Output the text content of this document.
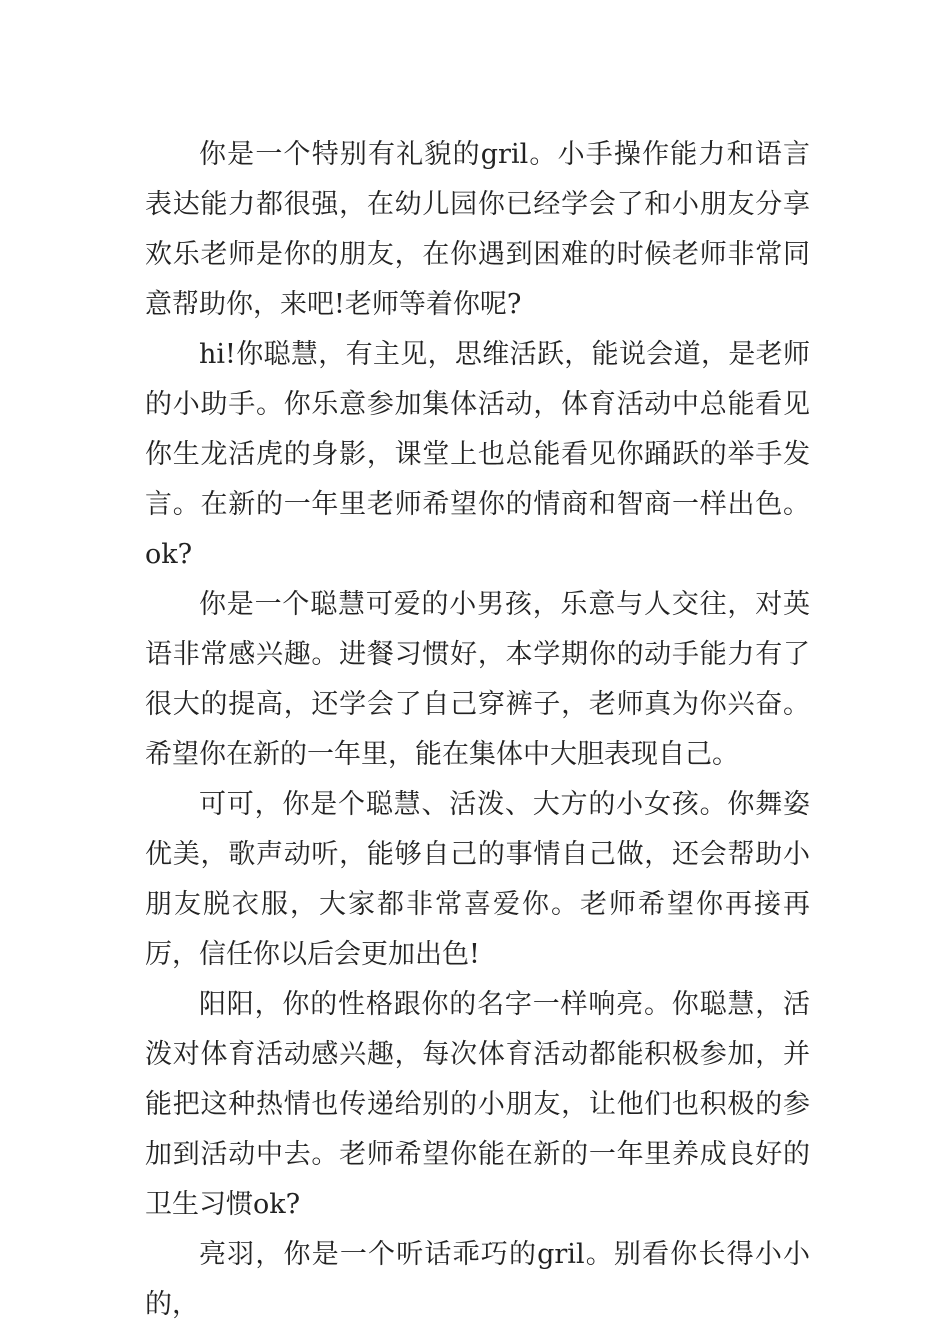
你是一个特别有礼貌的gril。小手操作能力和语言表达能力都很强，在幼儿园你已经学会了和小朋友分享欢乐老师是你的朋友，在你遇到困难的时候老师非常同意帮助你，来吧!老师等着你呢?

hi!你聪慧，有主见，思维活跃，能说会道，是老师的小助手。你乐意参加集体活动，体育活动中总能看见你生龙活虎的身影，课堂上也总能看见你踊跃的举手发言。在新的一年里老师希望你的情商和智商一样出色。ok?

你是一个聪慧可爱的小男孩，乐意与人交往，对英语非常感兴趣。进餐习惯好，本学期你的动手能力有了很大的提高，还学会了自己穿裤子，老师真为你兴奋。希望你在新的一年里，能在集体中大胆表现自己。

可可，你是个聪慧、活泼、大方的小女孩。你舞姿优美，歌声动听，能够自己的事情自己做，还会帮助小朋友脱衣服，大家都非常喜爱你。老师希望你再接再厉，信任你以后会更加出色!

阳阳，你的性格跟你的名字一样响亮。你聪慧，活泼对体育活动感兴趣，每次体育活动都能积极参加，并能把这种热情也传递给别的小朋友，让他们也积极的参加到活动中去。老师希望你能在新的一年里养成良好的卫生习惯ok?

亮羽，你是一个听话乖巧的gril。别看你长得小小的，
